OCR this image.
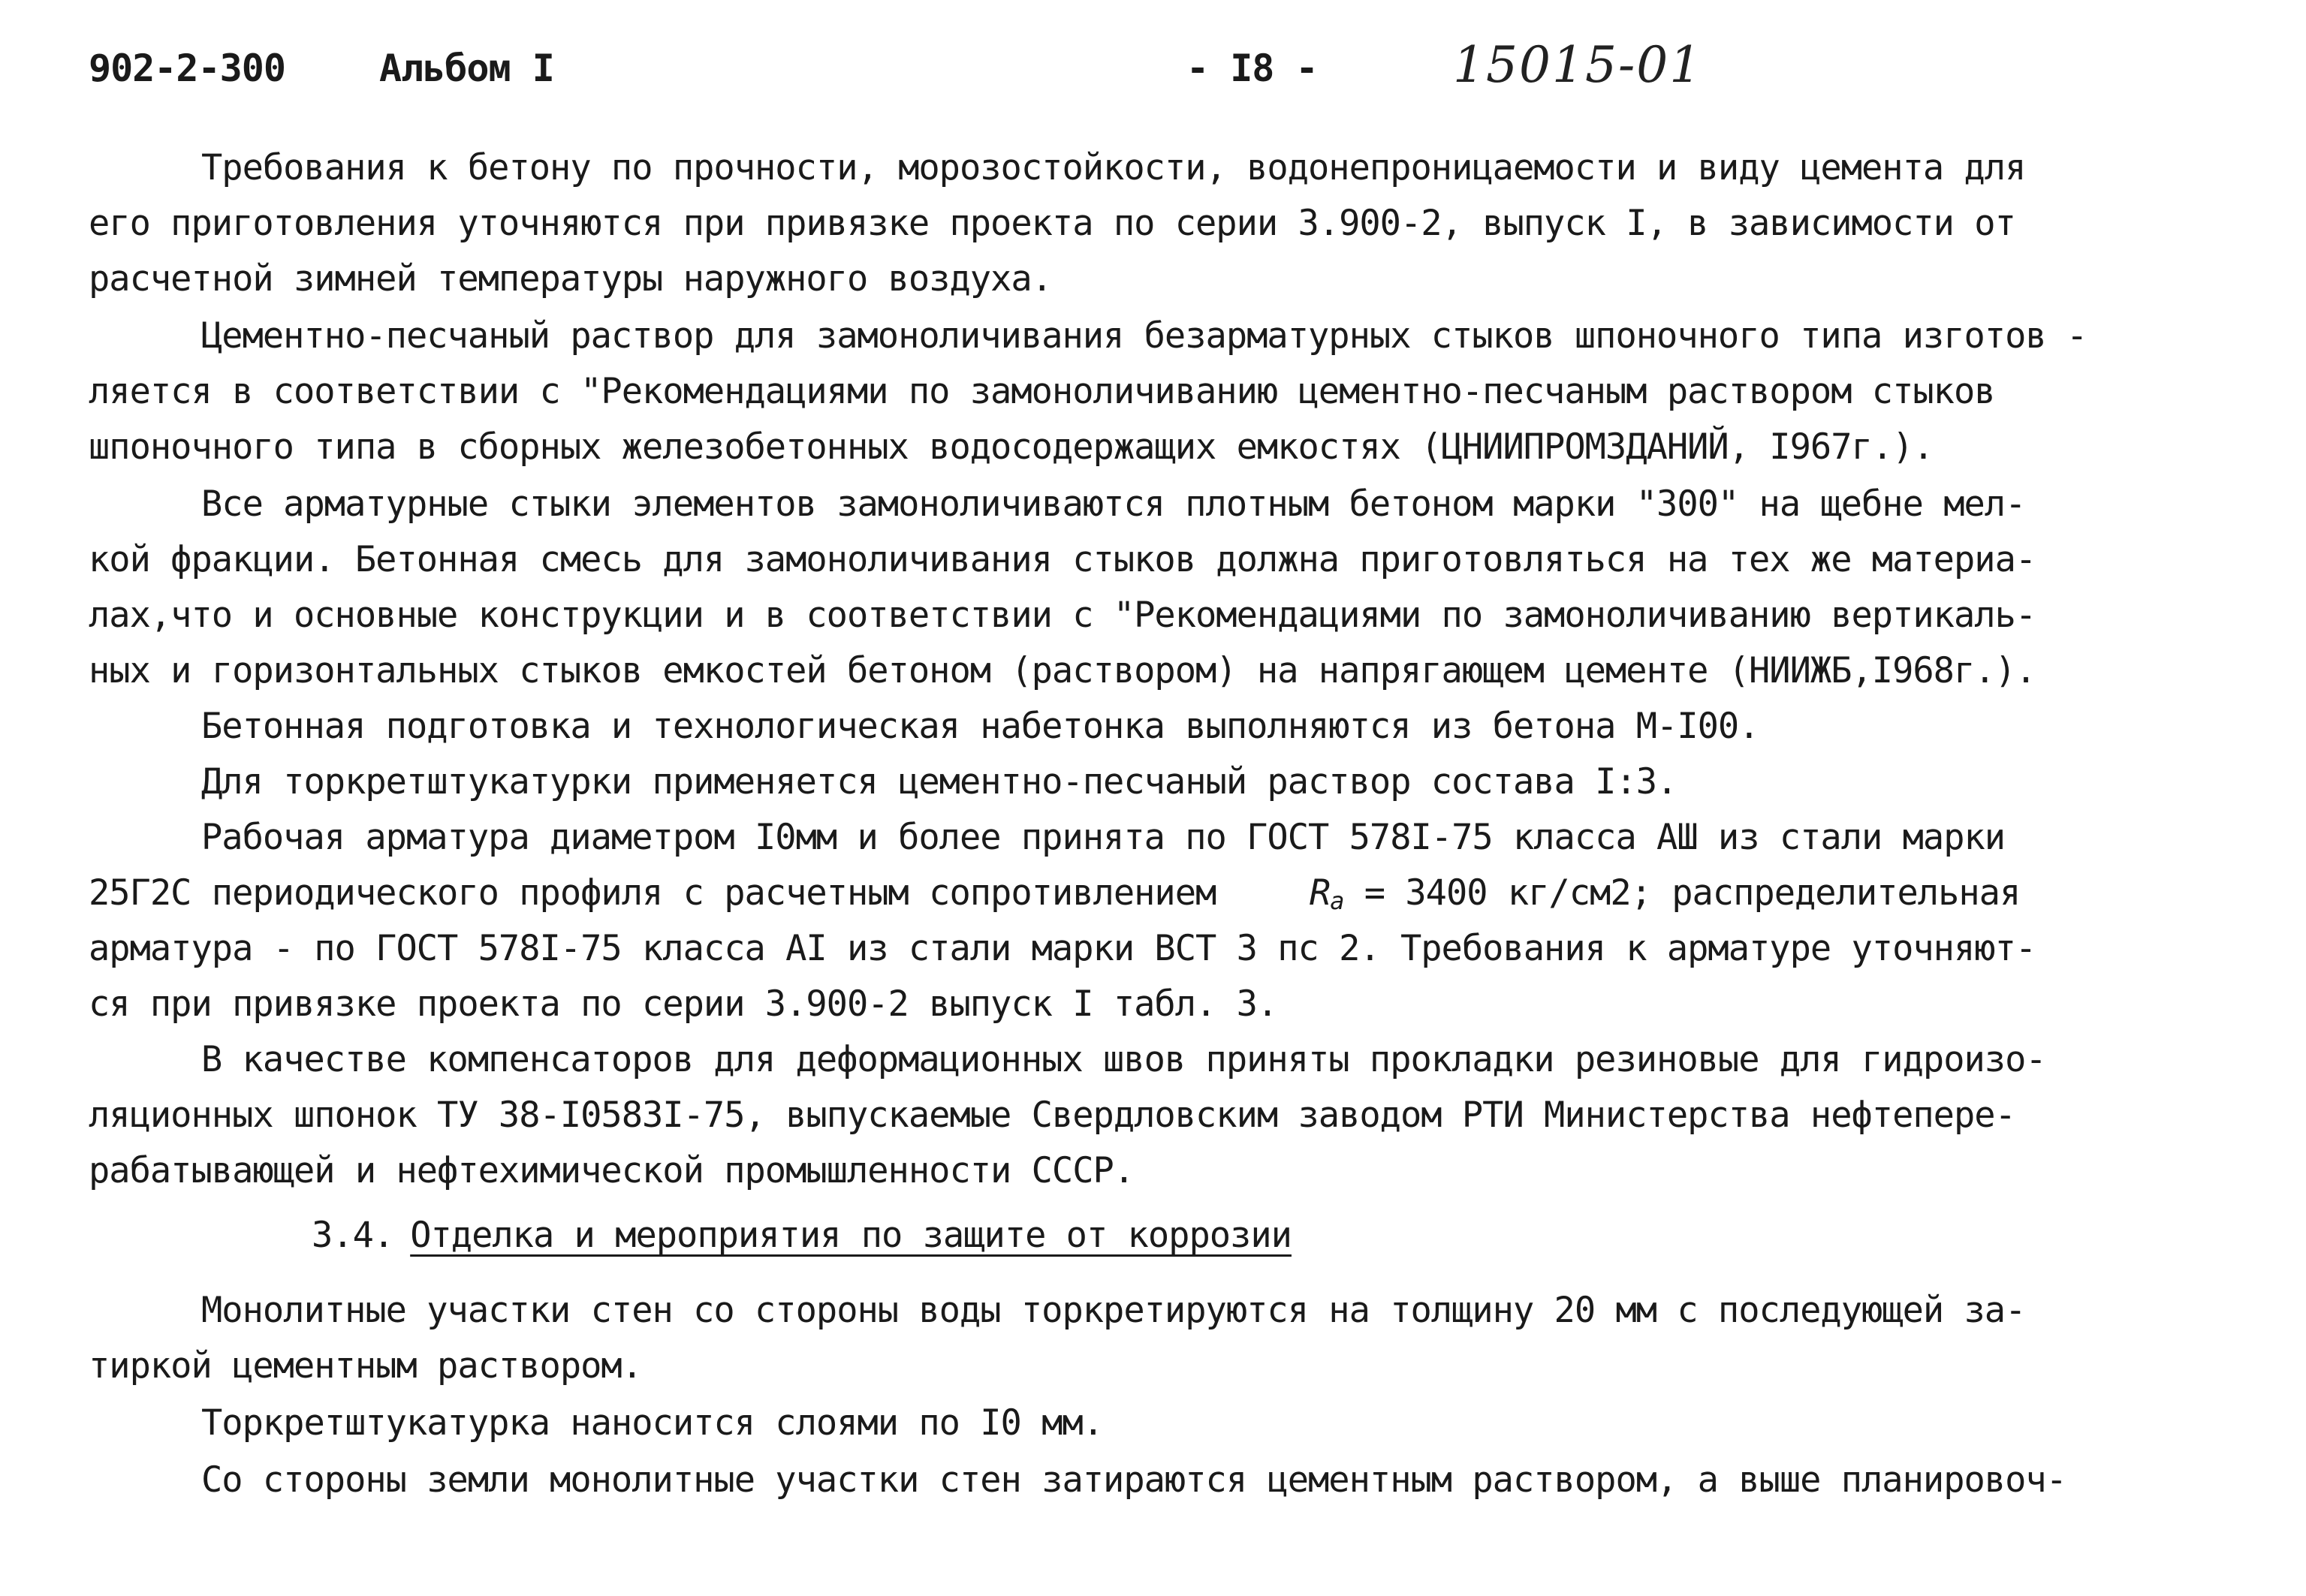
902-2-300	Альбом I	- I8 -	15015-01
Требования к бетону по прочности, морозостойкости, водонепроницаемости и виду цемента для
его приготовления уточняются при привязке проекта по серии 3.900-2, выпуск I, в зависимости от
расчетной зимней температуры наружного воздуха.
Цементно-песчаный раствор для замоноличивания безарматурных стыков шпоночного типа изготов -
ляется в соответствии с "Рекомендациями по замоноличиванию цементно-песчаным раствором стыков
шпоночного типа в сборных железобетонных водосодержащих емкостях (ЦНИИПРОМЗДАНИЙ, I967г.).
Все арматурные стыки элементов замоноличиваются плотным бетоном марки "300" на щебне мел-
кой фракции. Бетонная смесь для замоноличивания стыков должна приготовляться на тех же материа-
лах,что и основные конструкции и в соответствии с "Рекомендациями по замоноличиванию вертикаль-
ных и горизонтальных стыков емкостей бетоном (раствором) на напрягающем цементе (НИИЖБ,I968г.).
Бетонная подготовка и технологическая набетонка выполняются из бетона М-I00.
Для торкретштукатурки применяется цементно-песчаный раствор состава I:3.
Рабочая арматура диаметром I0мм и более принята по ГОСТ 578I-75 класса АШ из стали марки
25Г2С периодического профиля с расчетным сопротивлением	Ra = 3400 кг/см2; распределительная
арматура - по ГОСТ 578I-75 класса АI из стали марки ВСТ 3 пс 2. Требования к арматуре уточняют-
ся при привязке проекта по серии 3.900-2 выпуск I табл. 3.
В качестве компенсаторов для деформационных швов приняты прокладки резиновые для гидроизо-
ляционных шпонок ТУ 38-I0583I-75, выпускаемые Свердловским заводом РТИ Министерства нефтепере-
рабатывающей и нефтехимической промышленности СССР.
3.4. Отделка и мероприятия по защите от коррозии
Монолитные участки стен со стороны воды торкретируются на толщину 20 мм с последующей за-
тиркой цементным раствором.
Торкретштукатурка наносится слоями по I0 мм.
Со стороны земли монолитные участки стен затираются цементным раствором, а выше планировоч-
